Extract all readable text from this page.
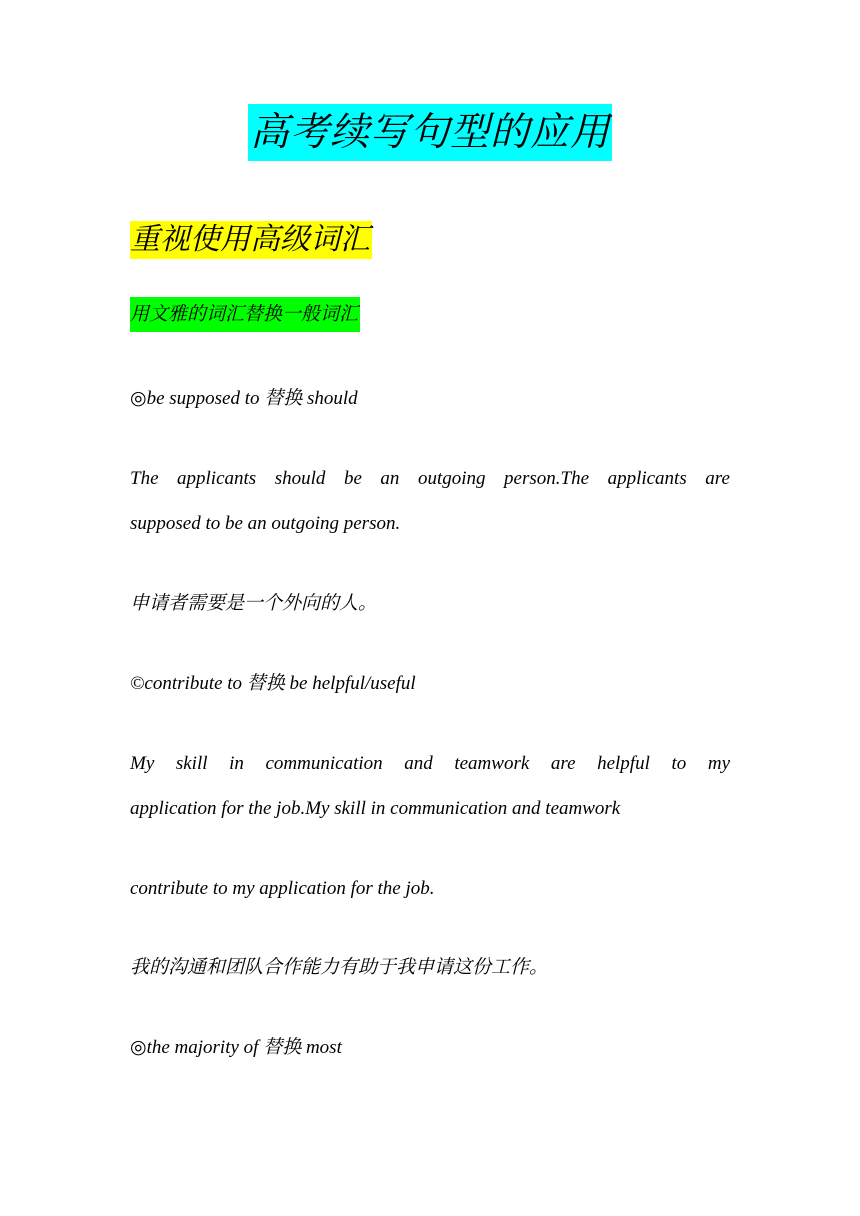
高考续写句型的应用
重视使用高级词汇
用文雅的词汇替换一般词汇
◎be supposed to 替换 should
The applicants should be an outgoing person.The applicants are
supposed to be an outgoing person.
申请者需要是一个外向的人。
©contribute to 替换 be helpful/useful
My skill in communication and teamwork are helpful to my
application for the job.My skill in communication and teamwork
contribute to my application for the job.
我的沟通和团队合作能力有助于我申请这份工作。
◎the majority of 替换 most
